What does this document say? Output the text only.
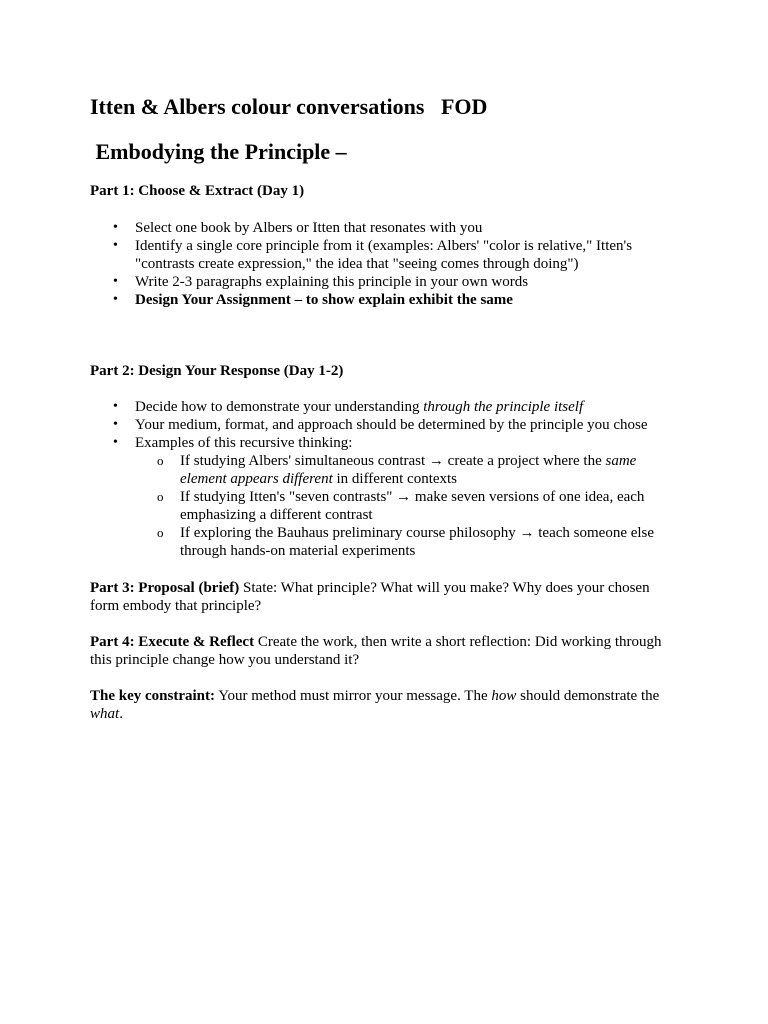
Itten & Albers colour conversations   FOD
Embodying the Principle –

Part 1: Choose & Extract (Day 1)

•	Select one book by Albers or Itten that resonates with you
•	Identify a single core principle from it (examples: Albers' "color is relative," Itten's "contrasts create expression," the idea that "seeing comes through doing")
•	Write 2-3 paragraphs explaining this principle in your own words
•	Design Your Assignment – to show explain exhibit the same

Part 2: Design Your Response (Day 1-2)

•	Decide how to demonstrate your understanding through the principle itself
•	Your medium, format, and approach should be determined by the principle you chose
•	Examples of this recursive thinking:
o If studying Albers' simultaneous contrast → create a project where the same element appears different in different contexts
o If studying Itten's "seven contrasts" → make seven versions of one idea, each emphasizing a different contrast
o If exploring the Bauhaus preliminary course philosophy → teach someone else through hands-on material experiments

Part 3: Proposal (brief) State: What principle? What will you make? Why does your chosen form embody that principle?

Part 4: Execute & Reflect Create the work, then write a short reflection: Did working through this principle change how you understand it?

The key constraint: Your method must mirror your message. The how should demonstrate the what.
